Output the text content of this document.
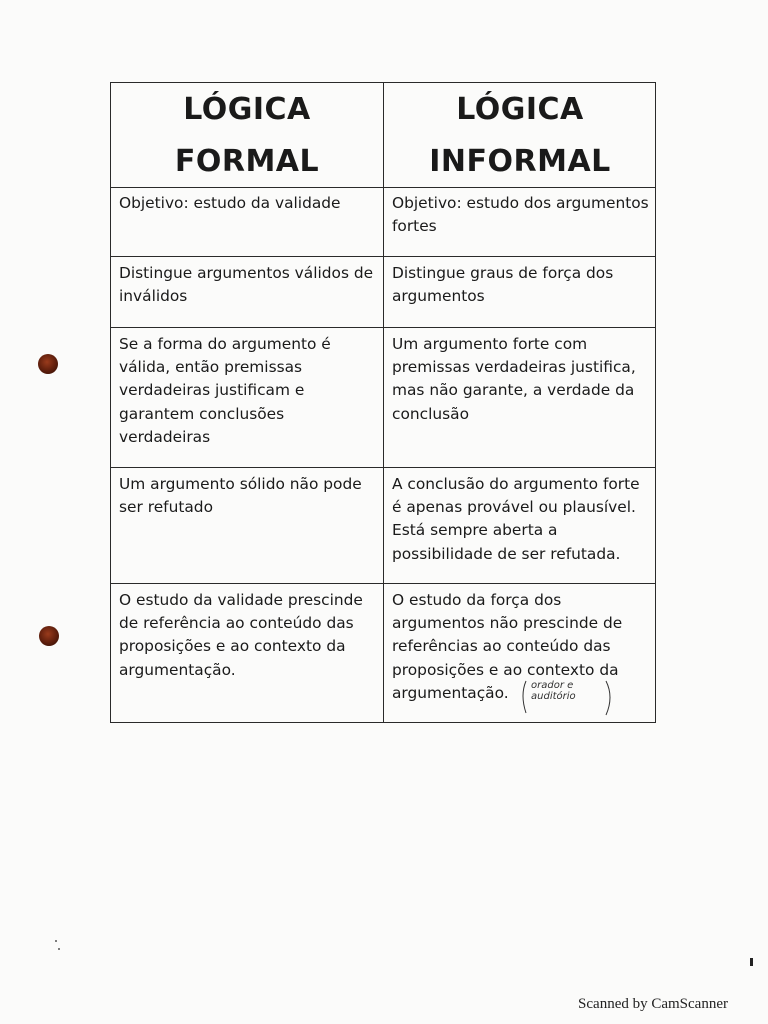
LÓGICA FORMAL
LÓGICA INFORMAL
Objetivo: estudo da validade	Objetivo: estudo dos argumentos fortes
Distingue argumentos válidos de inválidos
Distingue graus de força dos argumentos
Se a forma do argumento é válida, então premissas verdadeiras justificam e garantem conclusões verdadeiras
Um argumento forte com premissas verdadeiras justifica, mas não garante, a verdade da conclusão
Um argumento sólido não pode ser refutado
A conclusão do argumento forte é apenas provável ou plausível. Está sempre aberta a possibilidade de ser refutada.
O estudo da validade prescinde de referência ao conteúdo das proposições e ao contexto da argumentação.
O estudo da força dos argumentos não prescinde de referências ao conteúdo das proposições e ao contexto da argumentação.	orador e auditório
Scanned by CamScanner
